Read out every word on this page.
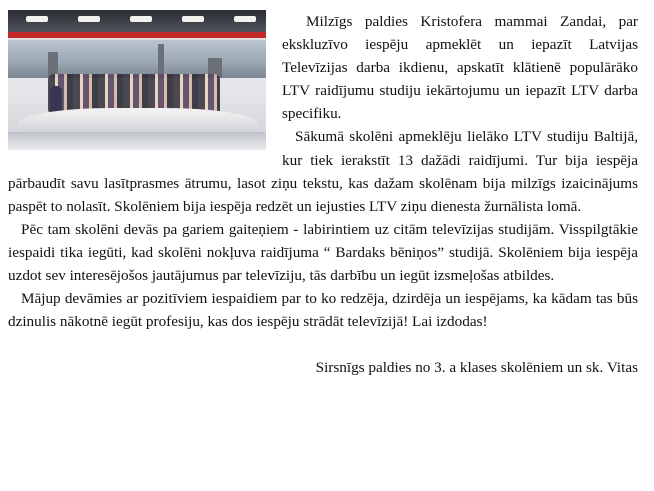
Milzīgs paldies Kristofera mammai Zandai, par ekskluzīvo iespēju apmeklēt un iepazīt Latvijas Televīzijas darba ikdienu, apskatīt klātienē populārāko LTV raidījumu studiju iekārtojumu un iepazīt LTV darba specifiku.

Sākumā skolēni apmeklēju lielāko LTV studiju Baltijā, kur tiek ierakstīt 13 dažādi raidījumi. Tur bija iespēja pārbaudīt savu lasītprasmes ātrumu, lasot ziņu tekstu, kas dažam skolēnam bija milzīgs izaicinājums paspēt to nolasīt. Skolēniem bija iespēja redzēt un iejusties LTV ziņu dienesta žurnālista lomā.

Pēc tam skolēni devās pa gariem gaiteņiem - labirintiem uz citām televīzijas studijām. Visspilgtākie iespaidi tika iegūti, kad skolēni nokļuva raidījuma “ Bardaks bēniņos” studijā. Skolēniem bija iespēja uzdot sev interesējošos jautājumus par televīziju, tās darbību un iegūt izsmeļošas atbildes.

Mājup devāmies ar pozitīviem iespaidiem par to ko redzēja, dzirdēja un iespējams, ka kādam tas būs dzinulis nākotnē iegūt profesiju, kas dos iespēju strādāt televīzijā! Lai izdodas!

Sirsnīgs paldies no 3. a klases skolēniem un sk. Vitas
